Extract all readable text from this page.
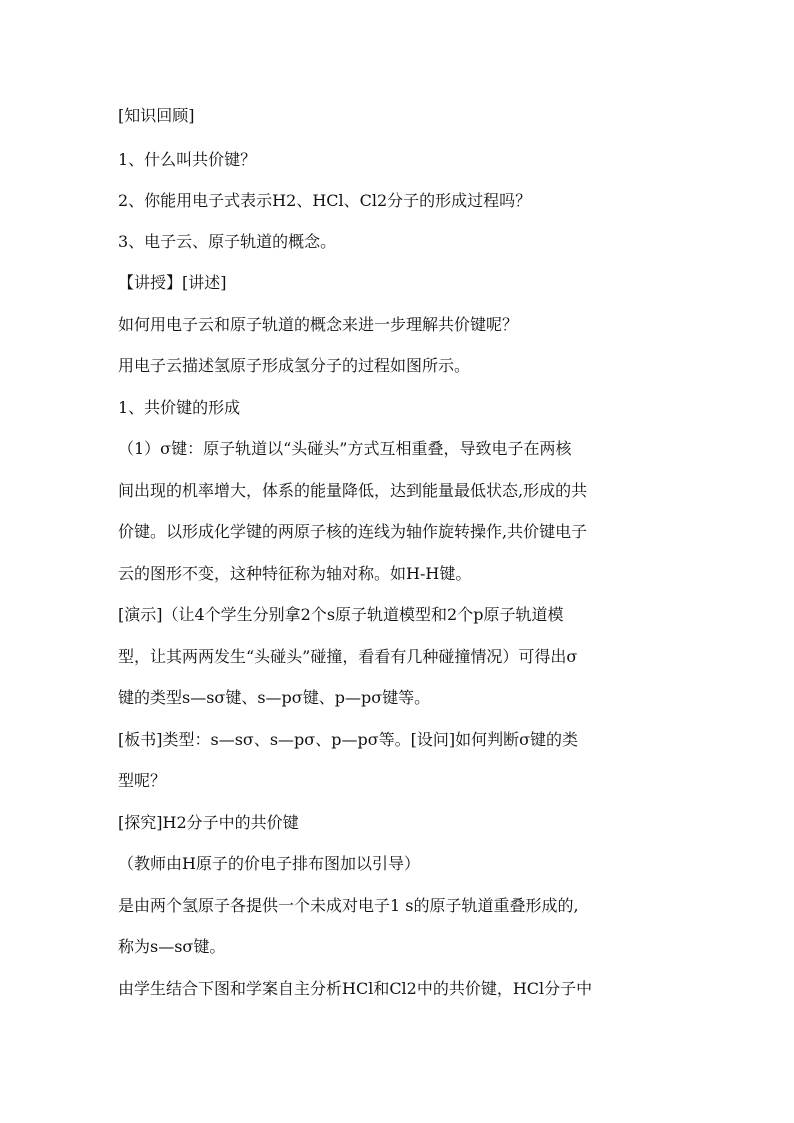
[知识回顾]
1、什么叫共价键？
2、你能用电子式表示H2、HCl、Cl2分子的形成过程吗？
3、电子云、原子轨道的概念。
【讲授】[讲述]
如何用电子云和原子轨道的概念来进一步理解共价键呢？
用电子云描述氢原子形成氢分子的过程如图所示。
1、共价键的形成
（1）σ键：原子轨道以“头碰头”方式互相重叠，导致电子在两核
间出现的机率增大，体系的能量降低，达到能量最低状态,形成的共
价键。以形成化学键的两原子核的连线为轴作旋转操作,共价键电子
云的图形不变，这种特征称为轴对称。如H-H键。
[演示]（让4个学生分别拿2个s原子轨道模型和2个p原子轨道模
型，让其两两发生“头碰头”碰撞，看看有几种碰撞情况）可得出σ
键的类型s—sσ键、s—pσ键、p—pσ键等。
[板书]类型：s—sσ、s—pσ、p—pσ等。[设问]如何判断σ键的类
型呢？
[探究]H2分子中的共价键
（教师由H原子的价电子排布图加以引导）
是由两个氢原子各提供一个未成对电子1 s的原子轨道重叠形成的,
称为s—sσ键。
由学生结合下图和学案自主分析HCl和Cl2中的共价键，HCl分子中
